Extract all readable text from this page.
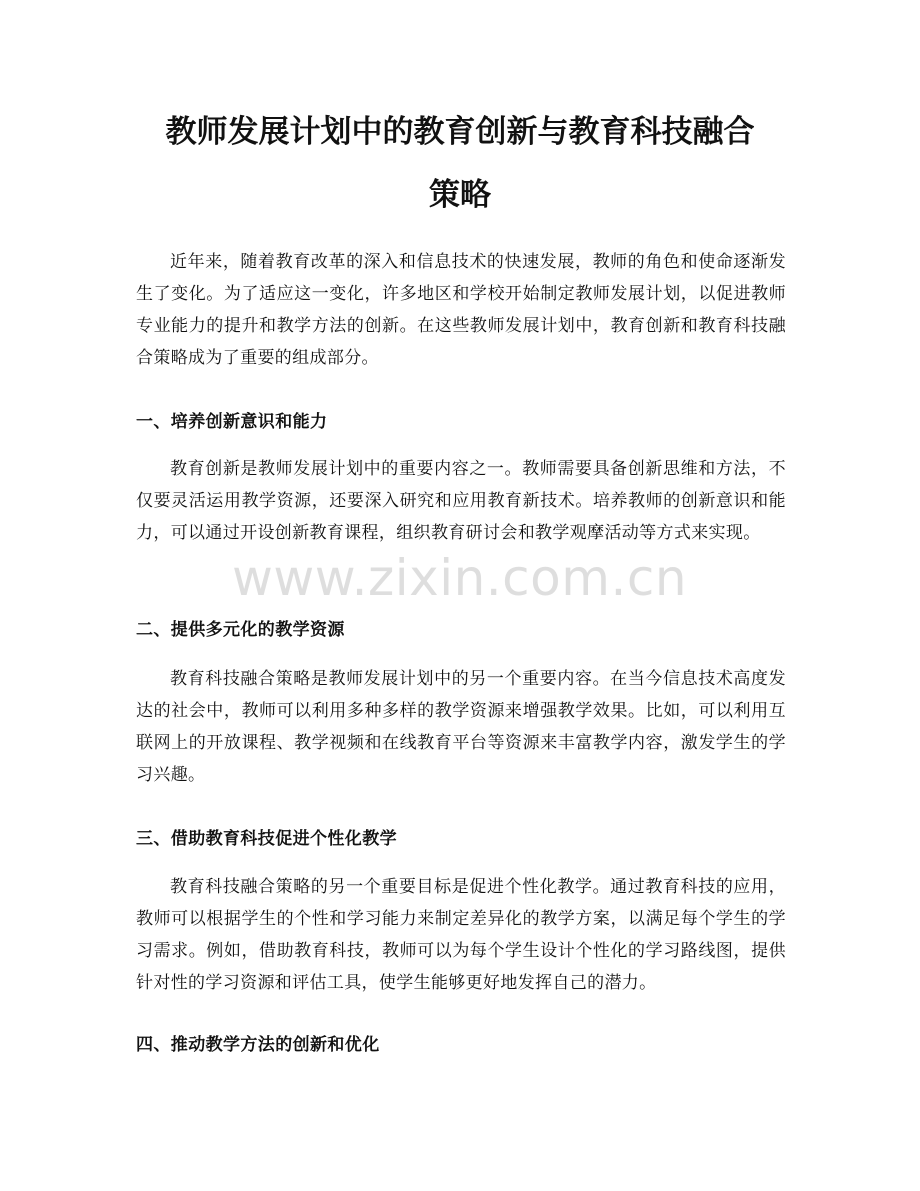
教师发展计划中的教育创新与教育科技融合
策略

近年来，随着教育改革的深入和信息技术的快速发展，教师的角色和使命逐渐发生了变化。为了适应这一变化，许多地区和学校开始制定教师发展计划，以促进教师专业能力的提升和教学方法的创新。在这些教师发展计划中，教育创新和教育科技融合策略成为了重要的组成部分。

一、培养创新意识和能力

教育创新是教师发展计划中的重要内容之一。教师需要具备创新思维和方法，不仅要灵活运用教学资源，还要深入研究和应用教育新技术。培养教师的创新意识和能力，可以通过开设创新教育课程，组织教育研讨会和教学观摩活动等方式来实现。

二、提供多元化的教学资源

教育科技融合策略是教师发展计划中的另一个重要内容。在当今信息技术高度发达的社会中，教师可以利用多种多样的教学资源来增强教学效果。比如，可以利用互联网上的开放课程、教学视频和在线教育平台等资源来丰富教学内容，激发学生的学习兴趣。

三、借助教育科技促进个性化教学

教育科技融合策略的另一个重要目标是促进个性化教学。通过教育科技的应用，教师可以根据学生的个性和学习能力来制定差异化的教学方案，以满足每个学生的学习需求。例如，借助教育科技，教师可以为每个学生设计个性化的学习路线图，提供针对性的学习资源和评估工具，使学生能够更好地发挥自己的潜力。

四、推动教学方法的创新和优化
www.zixin.com.cn
